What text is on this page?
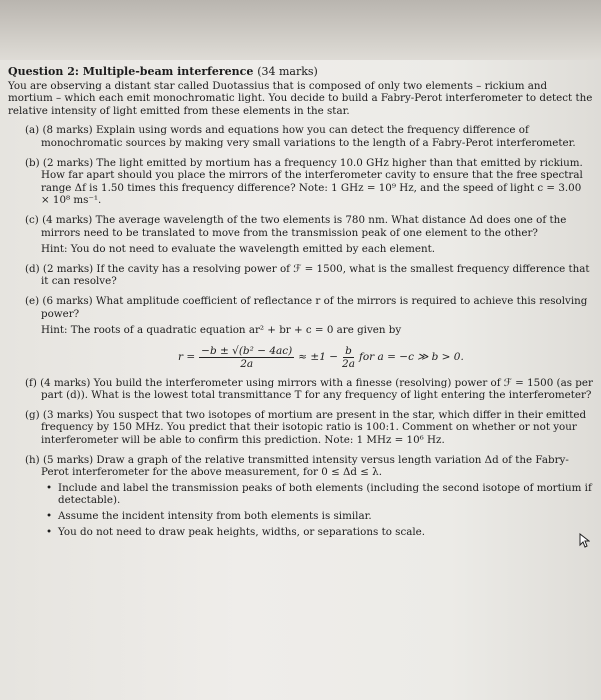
Question 2: Multiple-beam interference (34 marks)

You are observing a distant star called Duotassius that is composed of only two elements – rickium and mortium – which each emit monochromatic light. You decide to build a Fabry-Perot interferometer to detect the relative intensity of light emitted from these elements in the star.

(a) (8 marks) Explain using words and equations how you can detect the frequency difference of monochromatic sources by making very small variations to the length of a Fabry-Perot interferometer.

(b) (2 marks) The light emitted by mortium has a frequency 10.0 GHz higher than that emitted by rickium. How far apart should you place the mirrors of the interferometer cavity to ensure that the free spectral range Δf is 1.50 times this frequency difference? Note: 1 GHz = 10⁹ Hz, and the speed of light c = 3.00 × 10⁸ ms⁻¹.

(c) (4 marks) The average wavelength of the two elements is 780 nm. What distance Δd does one of the mirrors need to be translated to move from the transmission peak of one element to the other?

Hint: You do not need to evaluate the wavelength emitted by each element.

(d) (2 marks) If the cavity has a resolving power of ℱ = 1500, what is the smallest frequency difference that it can resolve?

(e) (6 marks) What amplitude coefficient of reflectance r of the mirrors is required to achieve this resolving power?

Hint: The roots of a quadratic equation ar² + br + c = 0 are given by

$r = \frac{\text{−b ± √(b² − 4ac)}}{2a} \approx \pm 1 - \frac{b}{2a}$ for a = −c ≫ b > 0.

(f) (4 marks) You build the interferometer using mirrors with a finesse (resolving) power of ℱ = 1500 (as per part (d)). What is the lowest total transmittance T for any frequency of light entering the interferometer?

(g) (3 marks) You suspect that two isotopes of mortium are present in the star, which differ in their emitted frequency by 150 MHz. You predict that their isotopic ratio is 100:1. Comment on whether or not your interferometer will be able to confirm this prediction. Note: 1 MHz = 10⁶ Hz.

(h) (5 marks) Draw a graph of the relative transmitted intensity versus length variation Δd of the Fabry-Perot interferometer for the above measurement, for 0 ≤ Δd ≤ λ.

• Include and label the transmission peaks of both elements (including the second isotope of mortium if detectable).
• Assume the incident intensity from both elements is similar.
• You do not need to draw peak heights, widths, or separations to scale.
